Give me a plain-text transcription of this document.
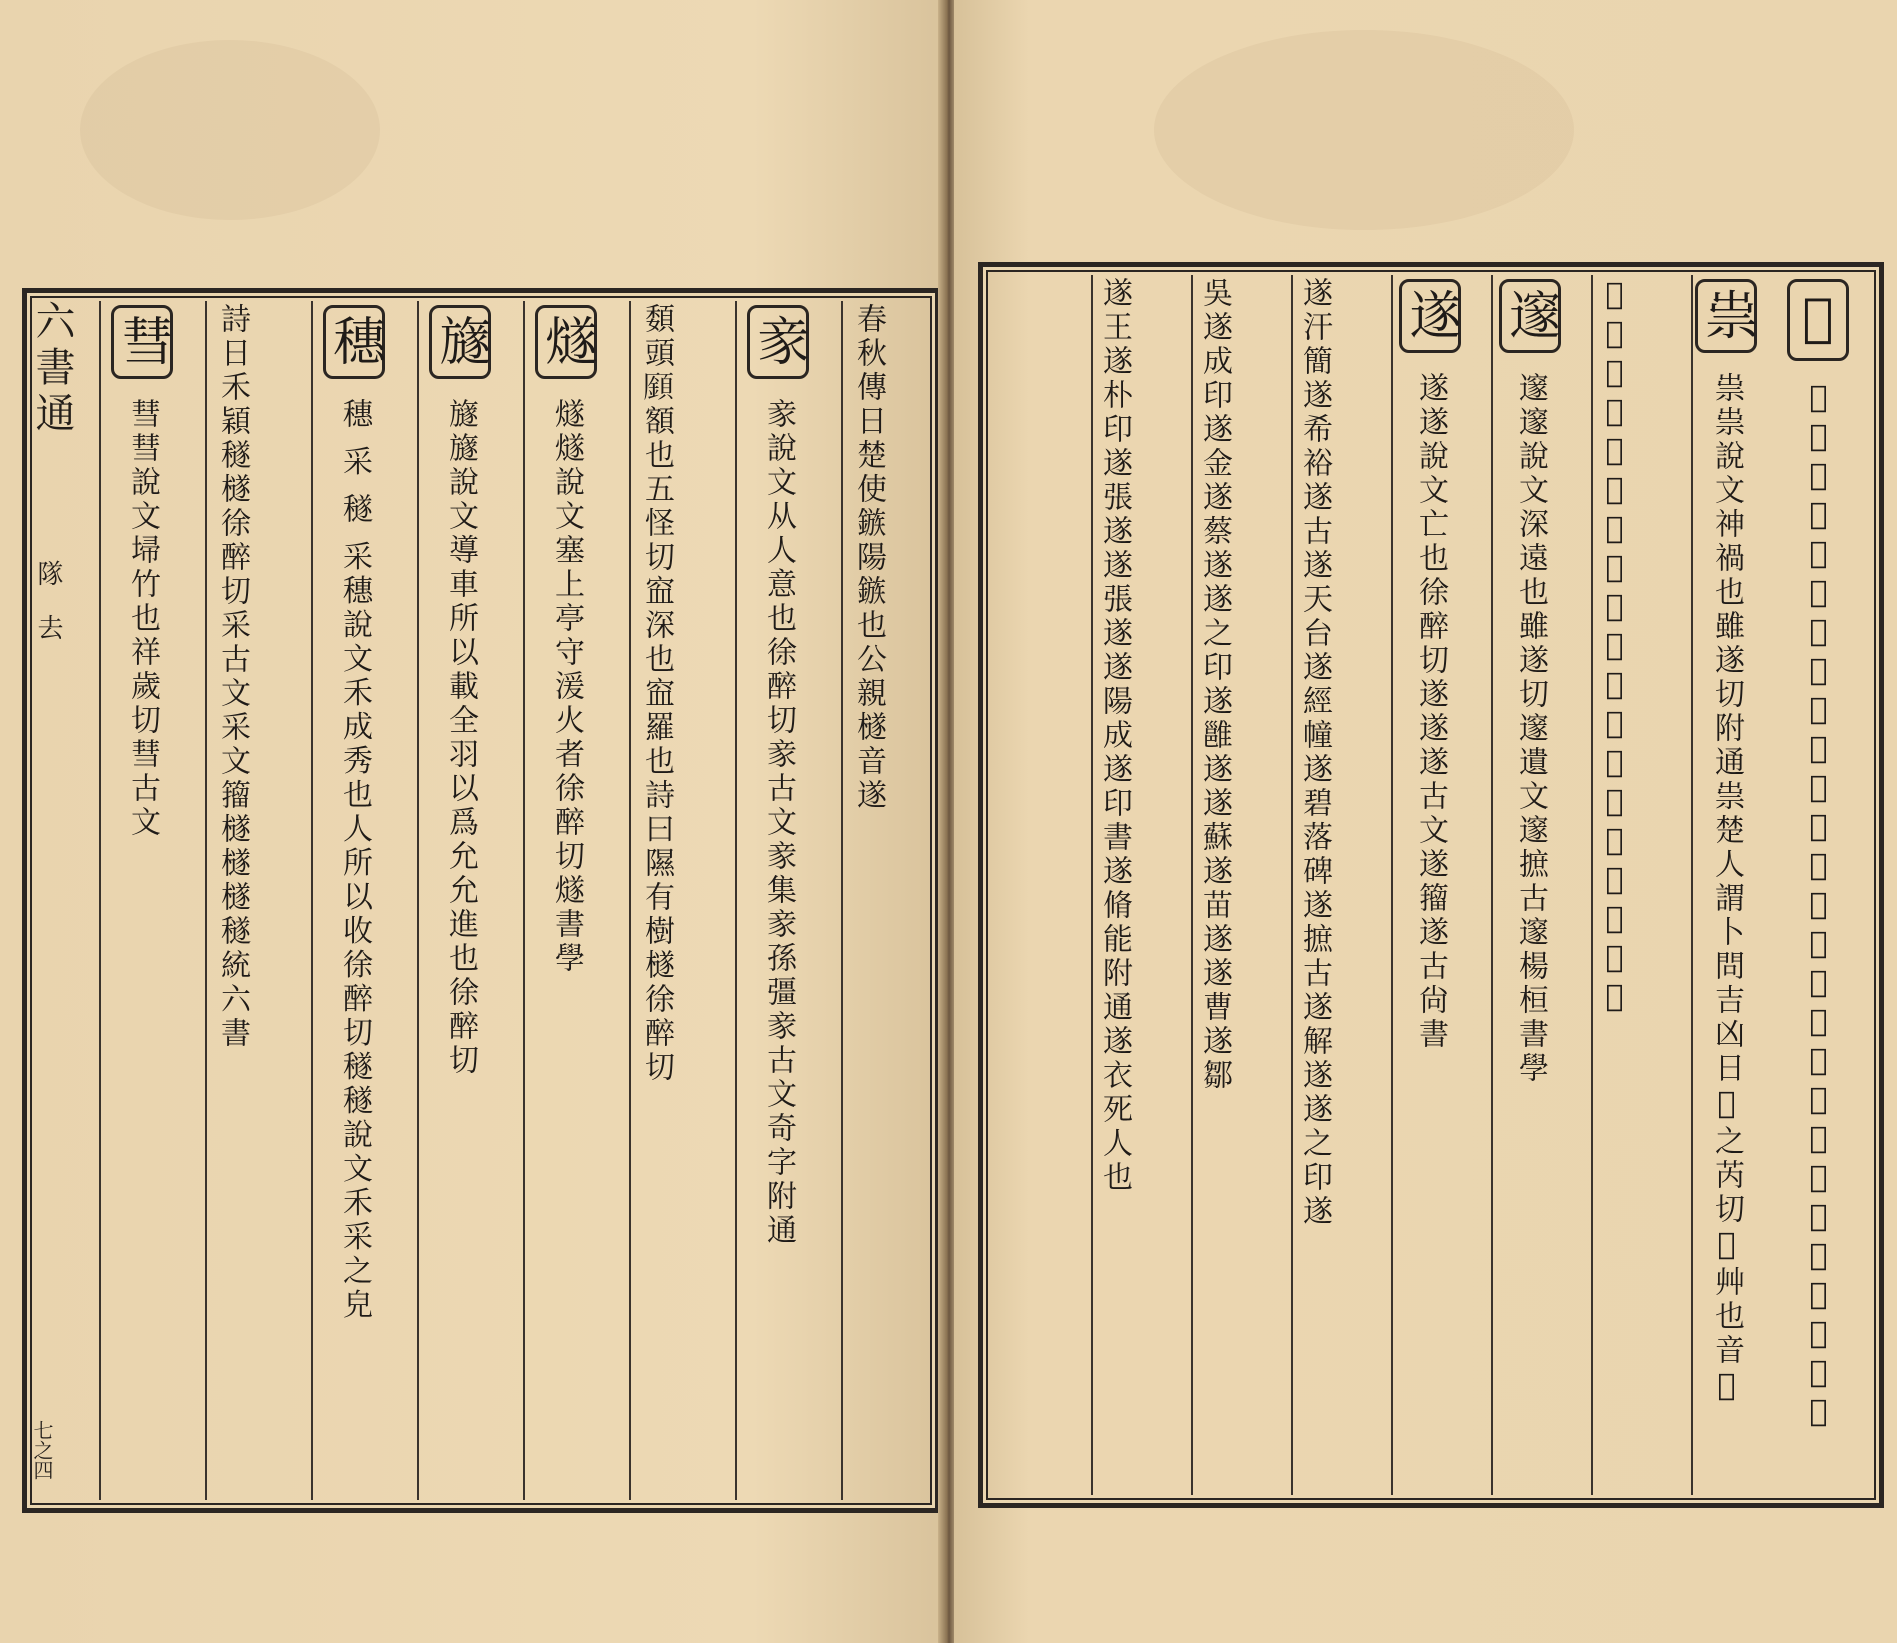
六書通
隊 去
七之四
春秋傳日楚使鏃陽鏃也公親檖音遂
豙 豙說文从人意也徐醉切豙古文豙集豙孫彊豙古文奇字附通
䫋頭𩔟額也五怪切䆝深也䆝羅也詩曰隰有樹檖徐醉切
燧 燧燧說文塞上亭守湲火者徐醉切燧書學
旞 旞旞說文導車所以載全羽以爲允允進也徐醉切
穗 穗 采 穟 采穗說文禾成秀也人所以收徐醉切穟穟說文禾采之皃
詩日禾穎穟檖徐醉切采古文采文籀檖檖檖穟統六書
彗 彗彗說文埽竹也祥歲切彗古文
𥦫 𥦫說文塞也讀若虞書日𥦫三苗之𥦫粗最切𥦫集𥦫孫彊𥦫統六書
祟 祟祟說文神禍也雖遂切附通祟楚人謂卜問吉凶日𢿋之芮切𢿋艸也音𥦫
𢿋音𢿋𢿋外切𢿋諱也𢿋虫也祖𢿋鳥也辛律切
邃 邃邃說文深遠也雖遂切邃遺文邃摭古邃楊桓書學
遂 遂遂說文亡也徐醉切遂遂遂古文遂籀遂古尙書
遂汗簡遂希裕遂古遂天台遂經幢遂碧落碑遂摭古遂解遂遂之印遂
吳遂成印遂金遂蔡遂遂之印遂雝遂遂蘇遂苗遂遂曹遂鄒
遂王遂朴印遂張遂遂張遂遂陽成遂印書遂脩能附通遂衣死人也
